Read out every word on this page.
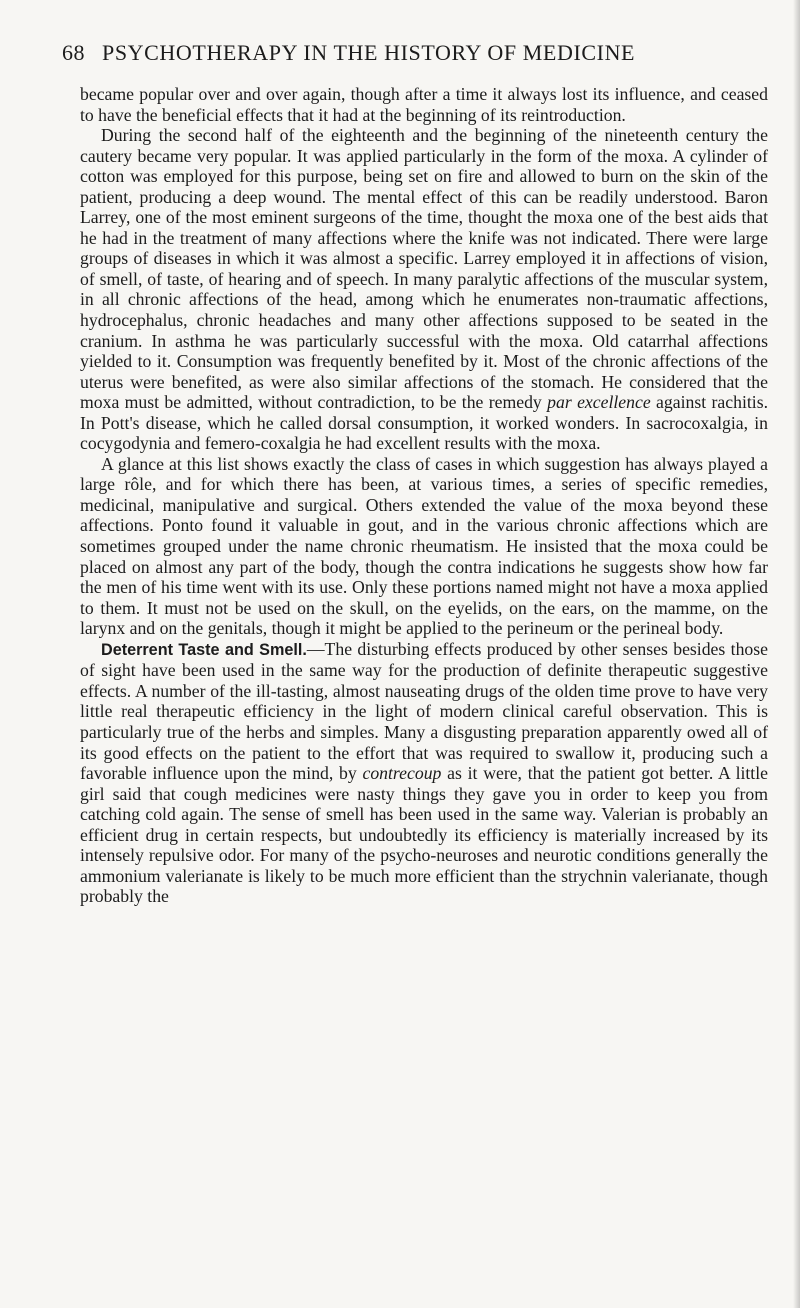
68 PSYCHOTHERAPY IN THE HISTORY OF MEDICINE

became popular over and over again, though after a time it always lost its influence, and ceased to have the beneficial effects that it had at the beginning of its reintroduction.

During the second half of the eighteenth and the beginning of the nineteenth century the cautery became very popular. It was applied particularly in the form of the moxa. A cylinder of cotton was employed for this purpose, being set on fire and allowed to burn on the skin of the patient, producing a deep wound. The mental effect of this can be readily understood. Baron Larrey, one of the most eminent surgeons of the time, thought the moxa one of the best aids that he had in the treatment of many affections where the knife was not indicated. There were large groups of diseases in which it was almost a specific. Larrey employed it in affections of vision, of smell, of taste, of hearing and of speech. In many paralytic affections of the muscular system, in all chronic affections of the head, among which he enumerates non-traumatic affections, hydrocephalus, chronic headaches and many other affections supposed to be seated in the cranium. In asthma he was particularly successful with the moxa. Old catarrhal affections yielded to it. Consumption was frequently benefited by it. Most of the chronic affections of the uterus were benefited, as were also similar affections of the stomach. He considered that the moxa must be admitted, without contradiction, to be the remedy par excellence against rachitis. In Pott's disease, which he called dorsal consumption, it worked wonders. In sacrocoxalgia, in cocygodynia and femero-coxalgia he had excellent results with the moxa.

A glance at this list shows exactly the class of cases in which suggestion has always played a large rôle, and for which there has been, at various times, a series of specific remedies, medicinal, manipulative and surgical. Others extended the value of the moxa beyond these affections. Ponto found it valuable in gout, and in the various chronic affections which are sometimes grouped under the name chronic rheumatism. He insisted that the moxa could be placed on almost any part of the body, though the contra indications he suggests show how far the men of his time went with its use. Only these portions named might not have a moxa applied to them. It must not be used on the skull, on the eyelids, on the ears, on the mamme, on the larynx and on the genitals, though it might be applied to the perineum or the perineal body.

Deterrent Taste and Smell.—The disturbing effects produced by other senses besides those of sight have been used in the same way for the production of definite therapeutic suggestive effects. A number of the ill-tasting, almost nauseating drugs of the olden time prove to have very little real therapeutic efficiency in the light of modern clinical careful observation. This is particularly true of the herbs and simples. Many a disgusting preparation apparently owed all of its good effects on the patient to the effort that was required to swallow it, producing such a favorable influence upon the mind, by contrecoup as it were, that the patient got better. A little girl said that cough medicines were nasty things they gave you in order to keep you from catching cold again. The sense of smell has been used in the same way. Valerian is probably an efficient drug in certain respects, but undoubtedly its efficiency is materially increased by its intensely repulsive odor. For many of the psycho-neuroses and neurotic conditions generally the ammonium valerianate is likely to be much more efficient than the strychnin valerianate, though probably the
